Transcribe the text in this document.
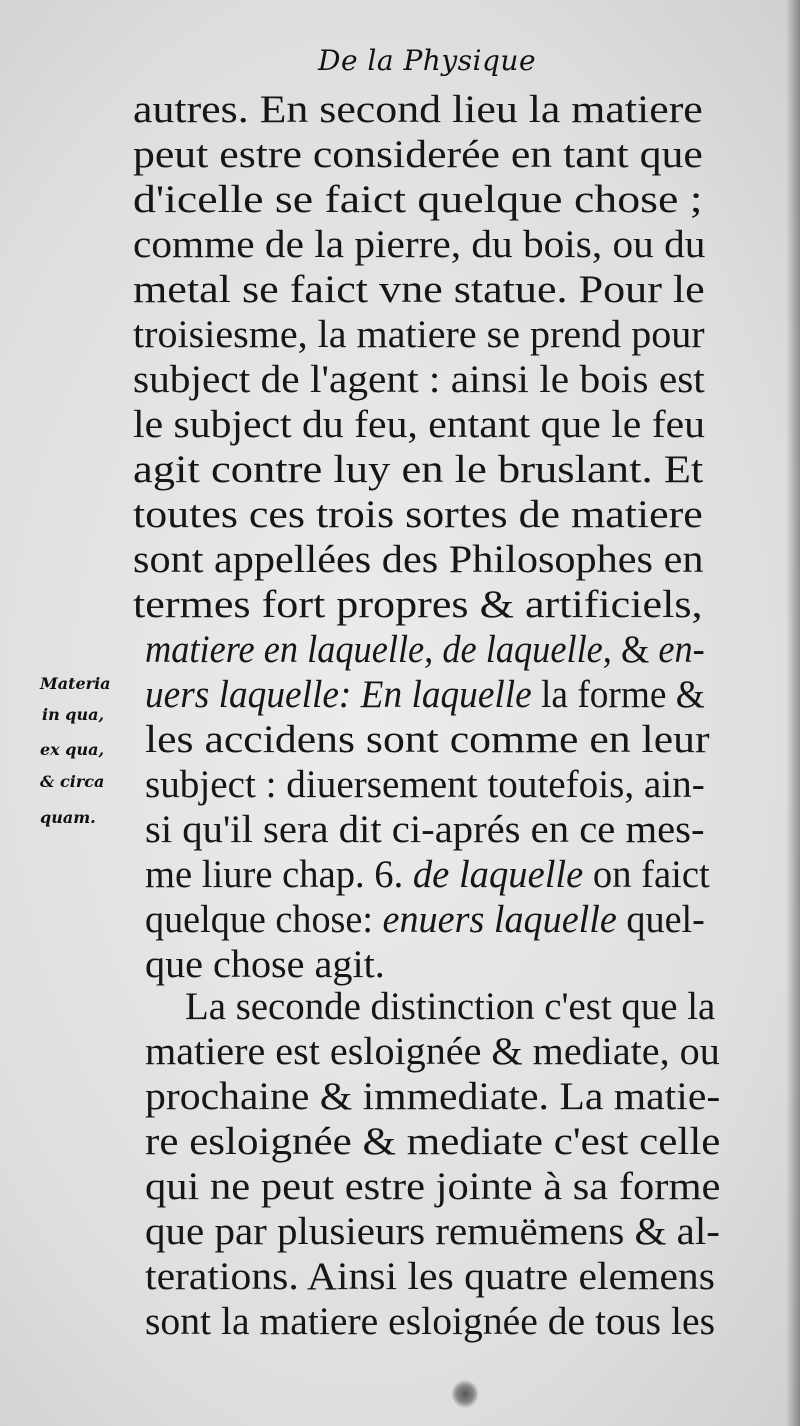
De la Physique
autres. En second lieu la matiere
peut estre considerée en tant que
d'icelle se faict quelque chose ;
comme de la pierre, du bois, ou du
metal se faict vne statue. Pour le
troisiesme, la matiere se prend pour
subject de l'agent : ainsi le bois est
le subject du feu, entant que le feu
agit contre luy en le bruslant. Et
toutes ces trois sortes de matiere
sont appellées des Philosophes en
termes fort propres & artificiels,
matiere en laquelle, de laquelle, & en-
uers laquelle: En laquelle la forme &
les accidens sont comme en leur
subject : diuersement toutefois, ain-
si qu'il sera dit ci-aprés en ce mes-
me liure chap. 6. de laquelle on faict
quelque chose: enuers laquelle quel-
que chose agit.
La seconde distinction c'est que la
matiere est esloignée & mediate, ou
prochaine & immediate. La matie-
re esloignée & mediate c'est celle
qui ne peut estre jointe à sa forme
que par plusieurs remuëmens & al-
terations. Ainsi les quatre elemens
sont la matiere esloignée de tous les
Materia
in qua,
ex qua,
& circa
quam.
